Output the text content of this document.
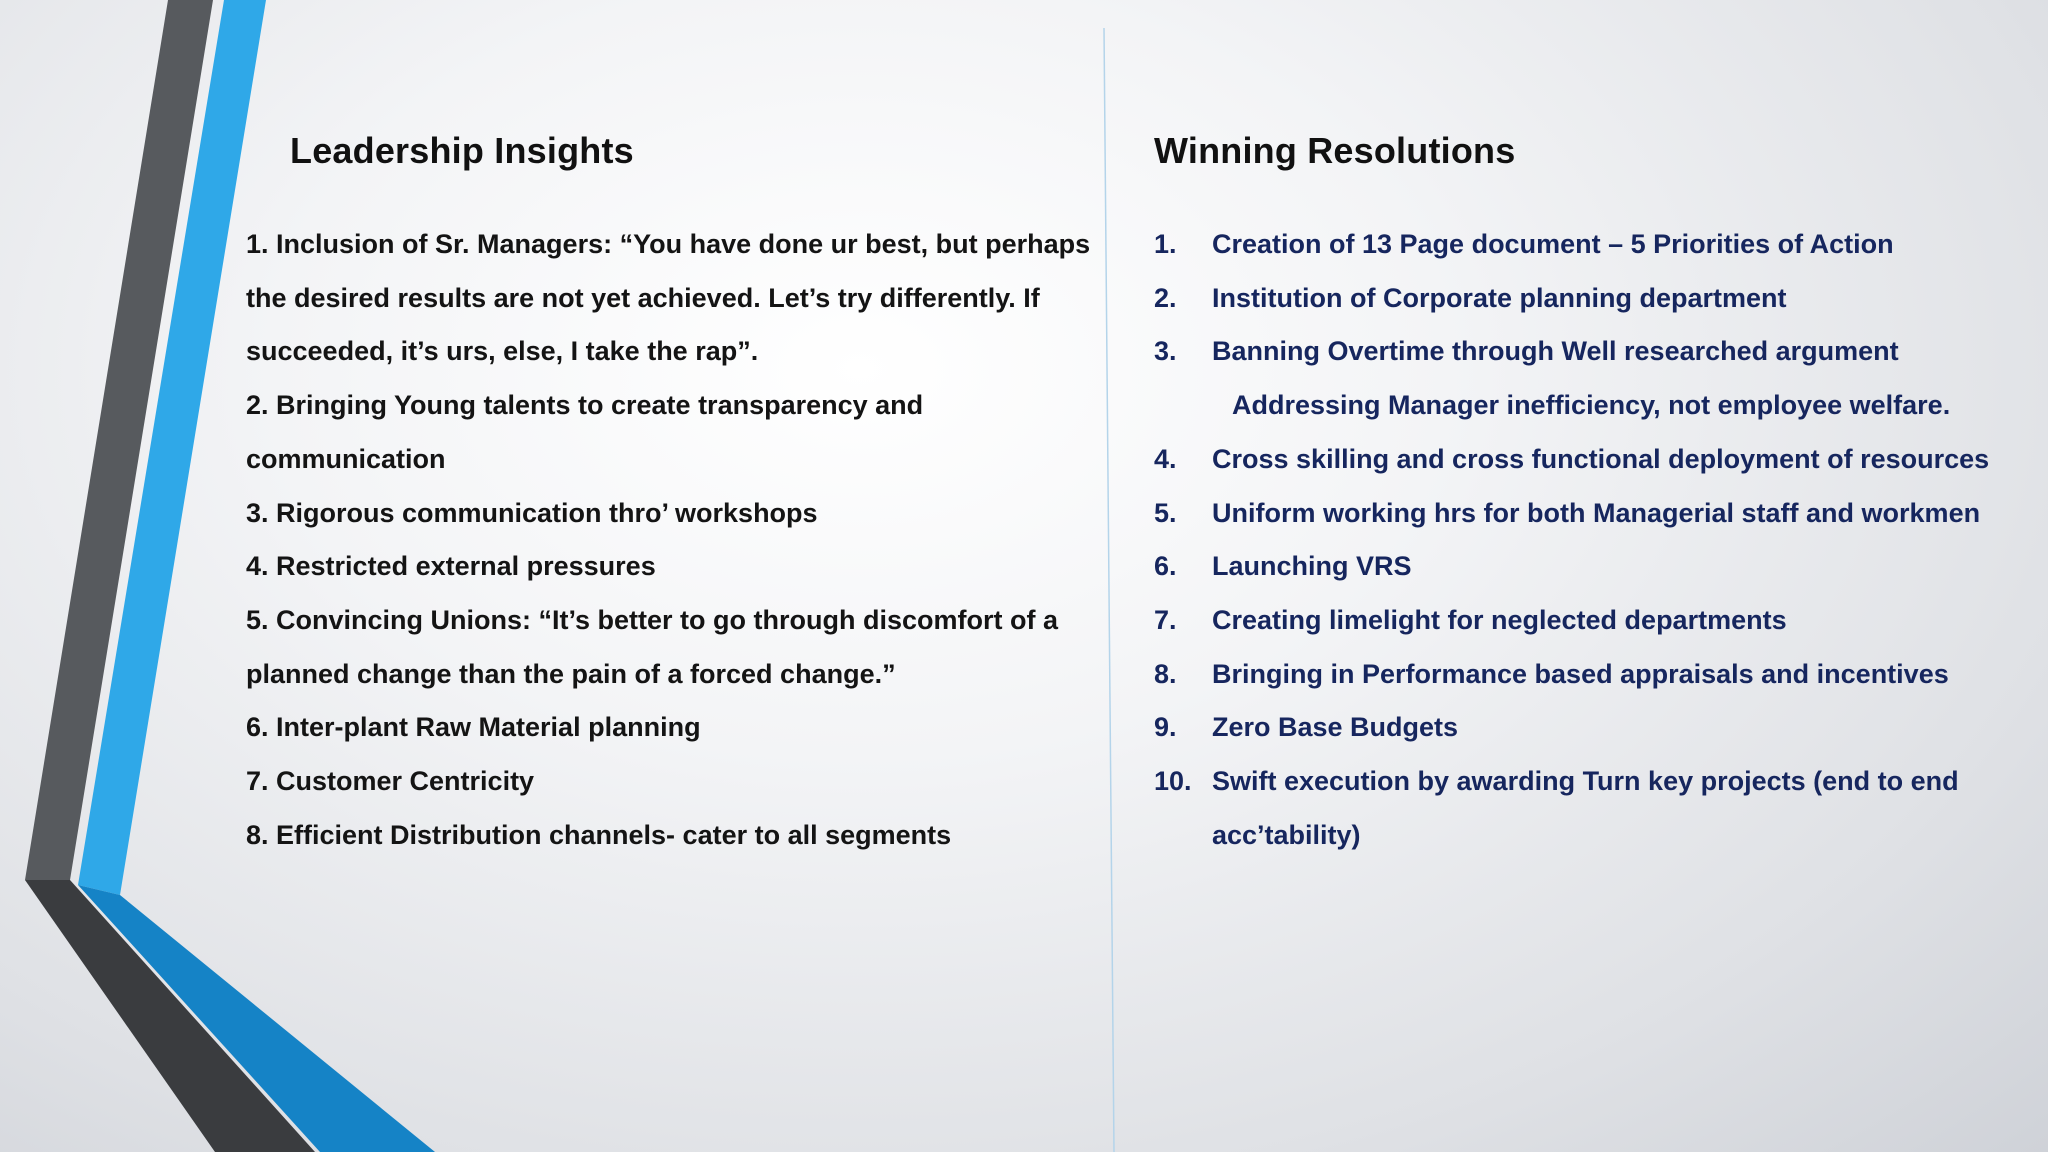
Leadership Insights	Winning Resolutions

1. Inclusion of Sr. Managers: “You have done ur best, but perhaps

the desired results are not yet achieved. Let’s try differently. If

succeeded, it’s urs, else, I take the rap”.

2. Bringing Young talents to create transparency and

communication

3. Rigorous communication thro’ workshops

4. Restricted external pressures

5. Convincing Unions: “It’s better to go through discomfort of a

planned change than the pain of a forced change.”

6. Inter-plant Raw Material planning

7. Customer Centricity

8. Efficient Distribution channels- cater to all segments

1.	Creation of 13 Page document – 5 Priorities of Action
2.	Institution of Corporate planning department
3.	Banning Overtime through Well researched argument
Addressing Manager inefficiency, not employee welfare.
4.	Cross skilling and cross functional deployment of resources
5.	Uniform working hrs for both Managerial staff and workmen
6.	Launching VRS
7.	Creating limelight for neglected departments
8.	Bringing in Performance based appraisals and incentives
9.	Zero Base Budgets
10. Swift execution by awarding Turn key projects (end to end
acc’tability)
